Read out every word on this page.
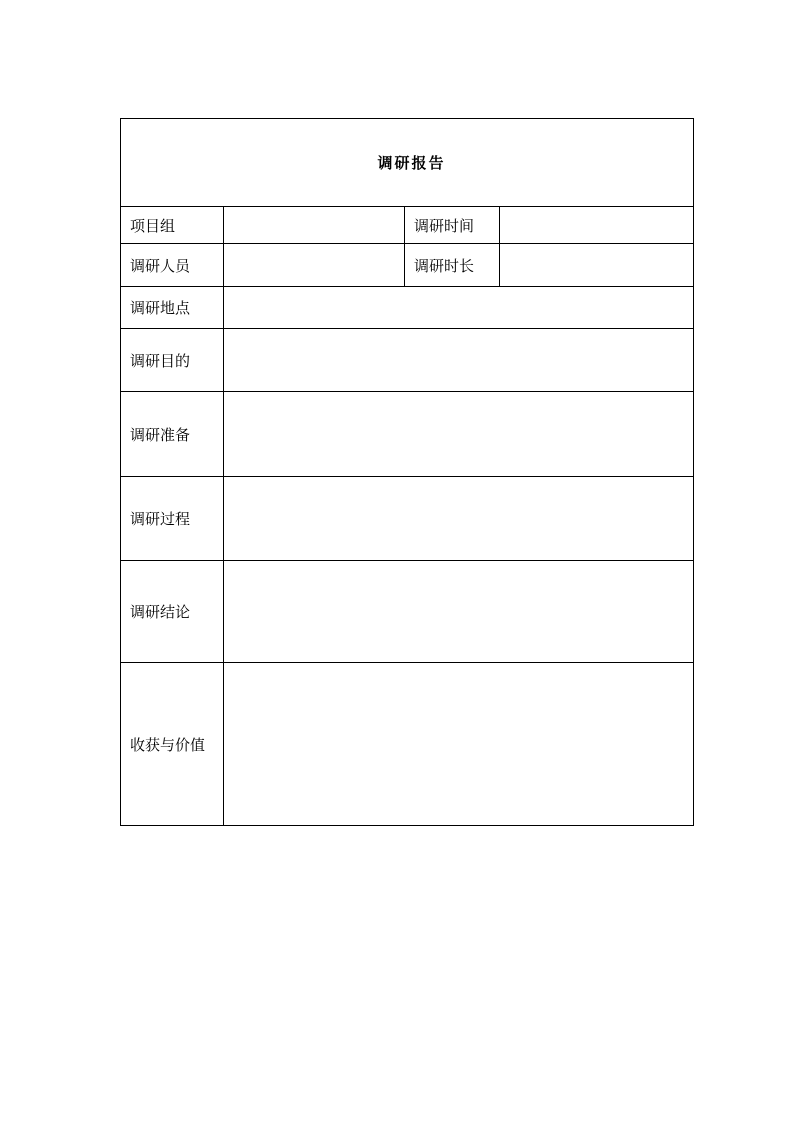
调研报告			
项目组		调研时间	
调研人员		调研时长	
调研地点			
调研目的			
调研准备			
调研过程			
调研结论			
收获与价值			
